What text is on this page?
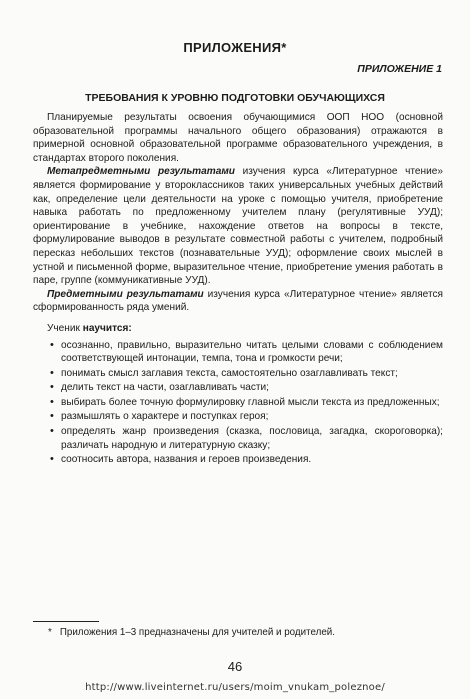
ПРИЛОЖЕНИЯ*
ПРИЛОЖЕНИЕ 1
ТРЕБОВАНИЯ К УРОВНЮ ПОДГОТОВКИ ОБУЧАЮЩИХСЯ

Планируемые результаты освоения обучающимися ООП НОО (основной образовательной программы начального общего образования) отражаются в примерной основной образовательной программе образовательного учреждения, в стандартах второго поколения.

Метапредметными результатами изучения курса «Литературное чтение» является формирование у второклассников таких универсальных учебных действий как, определение цели деятельности на уроке с помощью учителя, приобретение навыка работать по предложенному учителем плану (регулятивные УУД); ориентирование в учебнике, нахождение ответов на вопросы в тексте, формулирование выводов в результате совместной работы с учителем, подробный пересказ небольших текстов (познавательные УУД); оформление своих мыслей в устной и письменной форме, выразительное чтение, приобретение умения работать в паре, группе (коммуникативные УУД).

Предметными результатами изучения курса «Литературное чтение» является сформированность ряда умений.

Ученик научится:
• осознанно, правильно, выразительно читать целыми словами с соблюдением соответствующей интонации, темпа, тона и громкости речи;
• понимать смысл заглавия текста, самостоятельно озаглавливать текст;
• делить текст на части, озаглавливать части;
• выбирать более точную формулировку главной мысли текста из предложенных;
• размышлять о характере и поступках героя;
• определять жанр произведения (сказка, пословица, загадка, скороговорка); различать народную и литературную сказку;
• соотносить автора, названия и героев произведения.
* Приложения 1–3 предназначены для учителей и родителей.
46
http://www.liveinternet.ru/users/moim_vnukam_poleznoe/
